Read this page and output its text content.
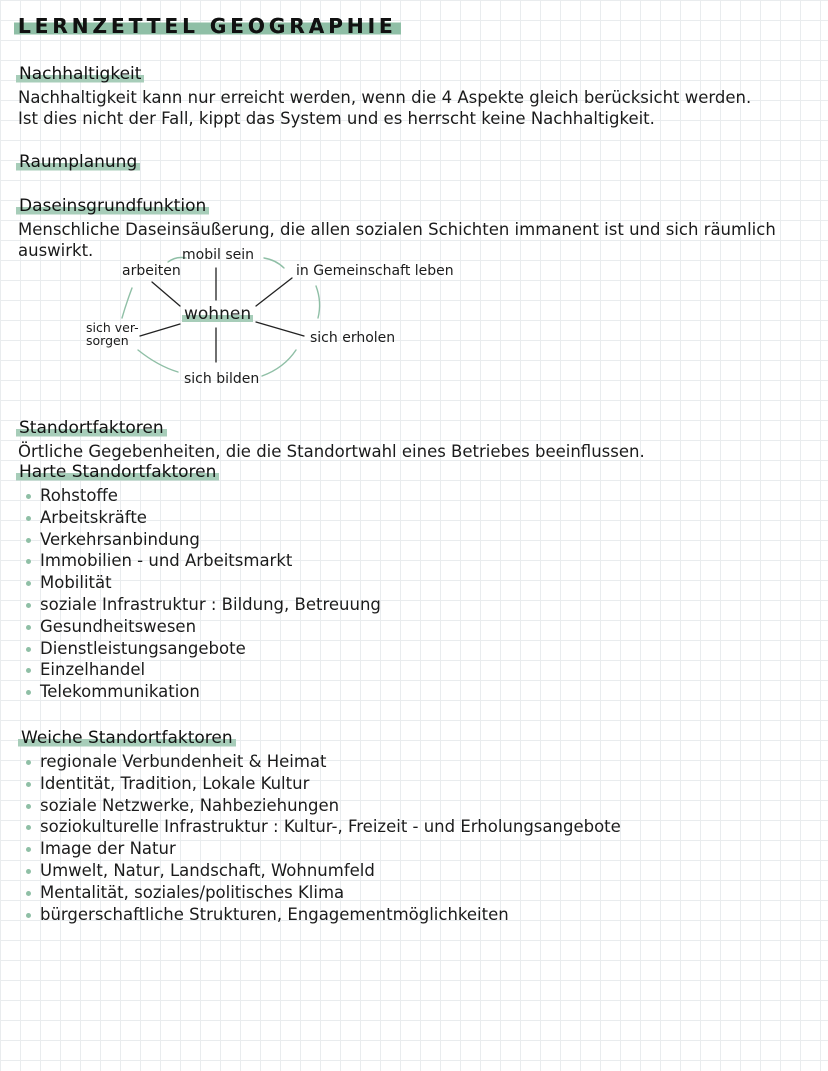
LERNZETTEL GEOGRAPHIE
Nachhaltigkeit
Nachhaltigkeit kann nur erreicht werden, wenn die 4 Aspekte gleich berücksicht werden.
Ist dies nicht der Fall, kippt das System und es herrscht keine Nachhaltigkeit.
Raumplanung
Daseinsgrundfunktion
Menschliche Daseinsäußerung, die allen sozialen Schichten immanent ist und sich räumlich
auswirkt.	mobil sein
arbeiten	in Gemeinschaft leben
wohnen
sich ver-
sorgen	sich erholen
sich bilden
Standortfaktoren
Örtliche Gegebenheiten, die die Standortwahl eines Betriebes beeinflussen.
Harte Standortfaktoren
Rohstoffe
Arbeitskräfte
Verkehrsanbindung
Immobilien - und Arbeitsmarkt
Mobilität
soziale Infrastruktur : Bildung, Betreuung
Gesundheitswesen
Dienstleistungsangebote
Einzelhandel
Telekommunikation
Weiche Standortfaktoren
regionale Verbundenheit & Heimat
Identität, Tradition, Lokale Kultur
soziale Netzwerke, Nahbeziehungen
soziokulturelle Infrastruktur : Kultur-, Freizeit - und Erholungsangebote
Image der Natur
Umwelt, Natur, Landschaft, Wohnumfeld
Mentalität, soziales/politisches Klima
bürgerschaftliche Strukturen, Engagementmöglichkeiten
